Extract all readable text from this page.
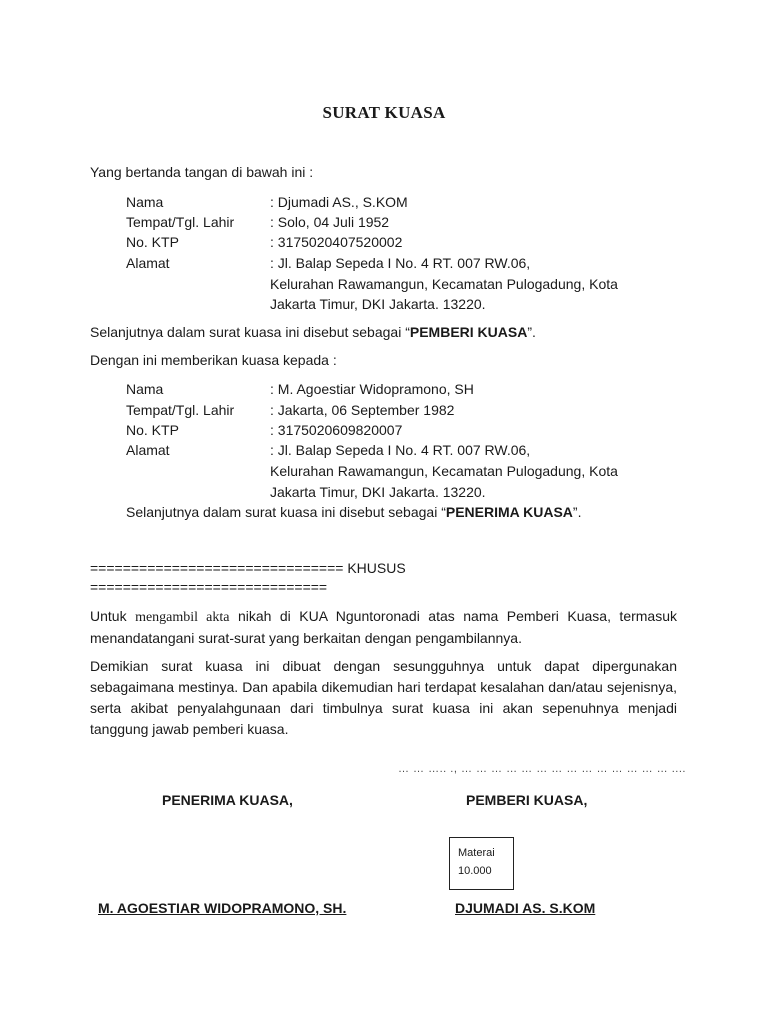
SURAT KUASA
Yang bertanda tangan di bawah ini :
Nama	: Djumadi AS., S.KOM
Tempat/Tgl. Lahir	: Solo, 04 Juli 1952
No. KTP	: 3175020407520002
Alamat	: Jl. Balap Sepeda I No. 4 RT. 007 RW.06,
Kelurahan Rawamangun, Kecamatan Pulogadung, Kota
Jakarta Timur, DKI Jakarta. 13220.
Selanjutnya dalam surat kuasa ini disebut sebagai “PEMBERI KUASA”.
Dengan ini memberikan kuasa kepada :
Nama	: M. Agoestiar Widopramono, SH
Tempat/Tgl. Lahir	: Jakarta, 06 September 1982
No. KTP	: 3175020609820007
Alamat	: Jl. Balap Sepeda I No. 4 RT. 007 RW.06,
Kelurahan Rawamangun, Kecamatan Pulogadung, Kota
Jakarta Timur, DKI Jakarta. 13220.
Selanjutnya dalam surat kuasa ini disebut sebagai “PENERIMA KUASA”.
=============================== KHUSUS
=============================
Untuk mengambil akta nikah di KUA Nguntoronadi atas nama Pemberi Kuasa, termasuk menandatangani surat-surat yang berkaitan dengan pengambilannya.
Demikian surat kuasa ini dibuat dengan sesungguhnya untuk dapat dipergunakan sebagaimana mestinya. Dan apabila dikemudian hari terdapat kesalahan dan/atau sejenisnya, serta akibat penyalahgunaan dari timbulnya surat kuasa ini akan sepenuhnya menjadi tanggung jawab pemberi kuasa.
… … ….. ., … … … … … … … … … … … … … … ....
PENERIMA KUASA,	PEMBERI KUASA,
Materai
10.000
M. AGOESTIAR WIDOPRAMONO, SH.	DJUMADI AS. S.KOM
